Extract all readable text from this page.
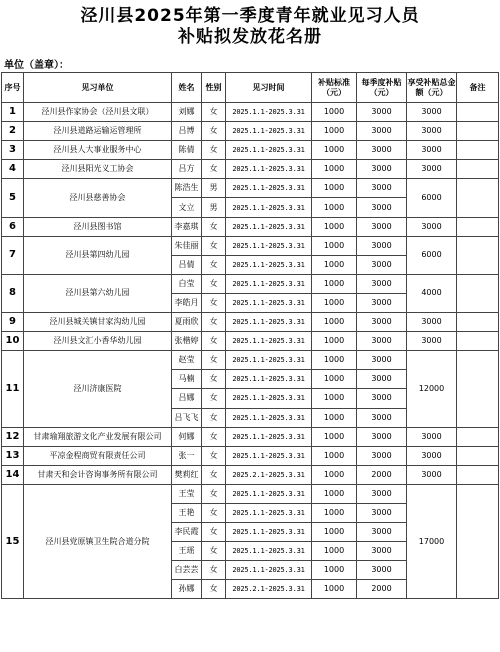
泾川县2025年第一季度青年就业见习人员
补贴拟发放花名册
单位（盖章）：
序号	见习单位	姓名	性别	见习时间	补贴标准（元）	每季度补贴（元）	享受补贴总金额（元）	备注
1	泾川县作家协会（泾川县文联）	刘娜	女	2025.1.1-2025.3.31	1000	3000	3000	
2	泾川县道路运输运管理所	吕博	女	2025.1.1-2025.3.31	1000	3000	3000	
3	泾川县人大事业服务中心	陈倩	女	2025.1.1-2025.3.31	1000	3000	3000	
4	泾川县阳光义工协会	吕方	女	2025.1.1-2025.3.31	1000	3000	3000	
5	泾川县慈善协会	陈浩生	男	2025.1.1-2025.3.31	1000	3000	6000	
		文立	男	2025.1.1-2025.3.31	1000	3000		
6	泾川县图书馆	李嘉琪	女	2025.1.1-2025.3.31	1000	3000	3000	
7	泾川县第四幼儿园	朱佳丽	女	2025.1.1-2025.3.31	1000	3000	6000	
		吕倩	女	2025.1.1-2025.3.31	1000	3000		
8	泾川县第六幼儿园	白莹	女	2025.1.1-2025.3.31	1000	3000	4000	
		李皓月	女	2025.1.1-2025.3.31	1000	3000		
9	泾川县城关镇甘家沟幼儿园	夏雨欣	女	2025.1.1-2025.3.31	1000	3000	3000	
10	泾川县文汇小香华幼儿园	张楷婷	女	2025.1.1-2025.3.31	1000	3000	3000	
11	泾川济康医院	赵莹	女	2025.1.1-2025.3.31	1000	3000	12000	
		马楠	女	2025.1.1-2025.3.31	1000	3000		
		吕娜	女	2025.1.1-2025.3.31	1000	3000		
		吕飞飞	女	2025.1.1-2025.3.31	1000	3000		
12	甘肃瑜翔旅游文化产业发展有限公司	何娜	女	2025.1.1-2025.3.31	1000	3000	3000	
13	平凉金程商贸有限责任公司	张一	女	2025.1.1-2025.3.31	1000	3000	3000	
14	甘肃天和会计咨询事务所有限公司	樊莉红	女	2025.2.1-2025.3.31	1000	2000	3000	
15	泾川县党原镇卫生院合道分院	王莹	女	2025.1.1-2025.3.31	1000	3000	17000	
		王艳	女	2025.1.1-2025.3.31	1000	3000		
		李民霞	女	2025.1.1-2025.3.31	1000	3000		
		王瑶	女	2025.1.1-2025.3.31	1000	3000		
		白芸芸	女	2025.1.1-2025.3.31	1000	3000		
		孙娜	女	2025.2.1-2025.3.31	1000	2000		
